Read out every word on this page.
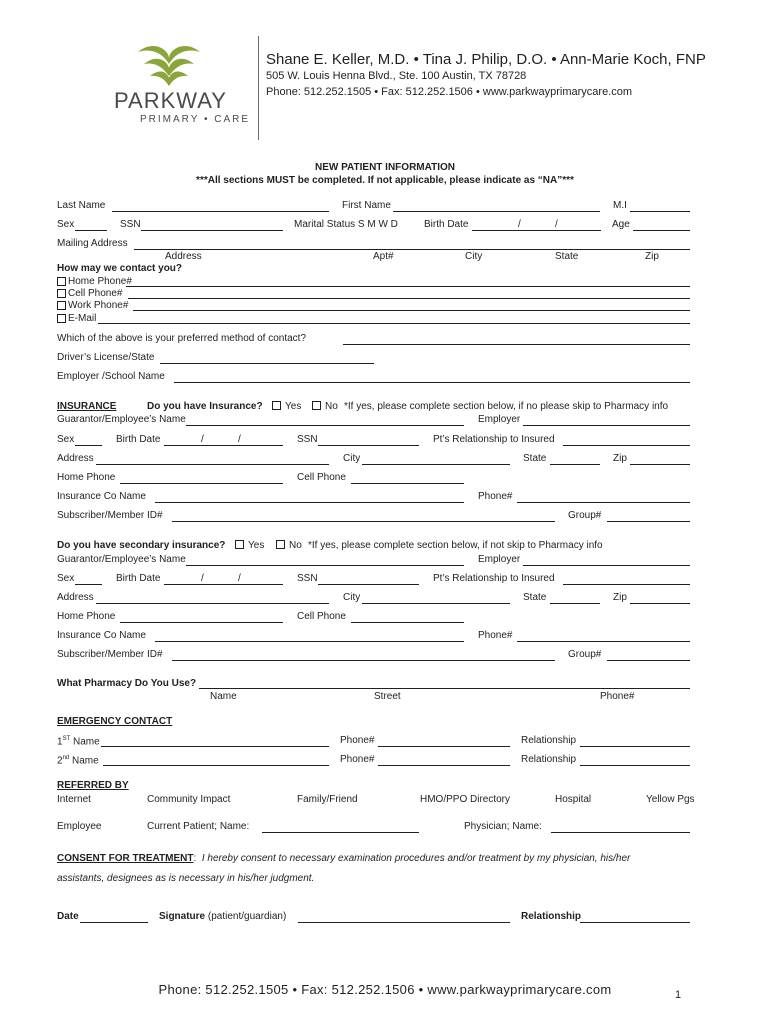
PARKWAY
PRIMARY • CARE
Shane E. Keller, M.D. • Tina J. Philip, D.O. • Ann-Marie Koch, FNP
505 W. Louis Henna Blvd., Ste. 100 Austin, TX 78728
Phone: 512.252.1505 • Fax: 512.252.1506 • www.parkwayprimarycare.com
NEW PATIENT INFORMATION
***All sections MUST be completed. If not applicable, please indicate as “NA”***
Last Name	First Name	M.I
Sex	SSN	Marital Status S M W D	Birth Date	/	/	Age
Mailing Address
Address	Apt#	City	State	Zip
How may we contact you?
Home Phone#
Cell Phone#
Work Phone#
E-Mail
Which of the above is your preferred method of contact?
Driver’s License/State
Employer /School Name
INSURANCE	Do you have Insurance? Yes No *If yes, please complete section below, if no please skip to Pharmacy info
Guarantor/Employee’s Name	Employer
Sex	Birth Date	/	/	SSN	Pt’s Relationship to Insured
Address	City	State	Zip
Home Phone	Cell Phone
Insurance Co Name	Phone#
Subscriber/Member ID#	Group#
Do you have secondary insurance? Yes No *If yes, please complete section below, if not skip to Pharmacy info
Guarantor/Employee’s Name	Employer
Sex	Birth Date	/	/	SSN	Pt’s Relationship to Insured
Address	City	State	Zip
Home Phone	Cell Phone
Insurance Co Name	Phone#
Subscriber/Member ID#	Group#
What Pharmacy Do You Use?
Name	Street	Phone#
EMERGENCY CONTACT
1ST Name	Phone#	Relationship
2nd Name	Phone#	Relationship
REFERRED BY
Internet	Community Impact	Family/Friend	HMO/PPO Directory	Hospital	Yellow Pgs
Employee	Current Patient; Name:	Physician; Name:
CONSENT FOR TREATMENT: I hereby consent to necessary examination procedures and/or treatment by my physician, his/her
assistants, designees as is necessary in his/her judgment.
Date	Signature (patient/guardian)	Relationship
Phone: 512.252.1505 • Fax: 512.252.1506 • www.parkwayprimarycare.com	1
